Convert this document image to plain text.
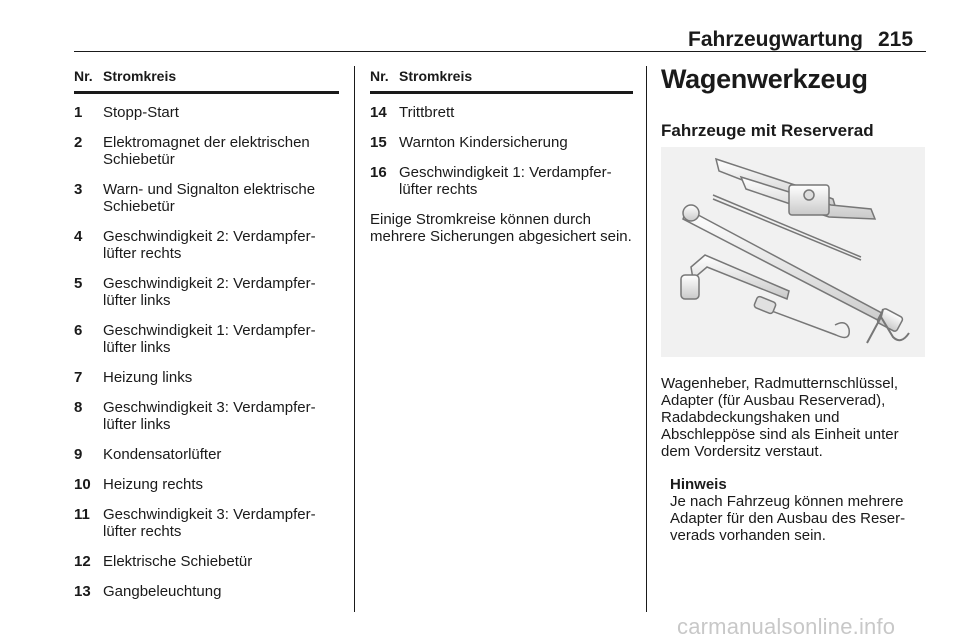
Fahrzeugwartung 215
Nr. Stromkreis
1	Stopp-Start
2	Elektromagnet der elektrischen Schiebetür
3	Warn- und Signalton elektrische Schiebetür
4	Geschwindigkeit 2: Verdampfer-lüfter rechts
5	Geschwindigkeit 2: Verdampfer-lüfter links
6	Geschwindigkeit 1: Verdampfer-lüfter links
7	Heizung links
8	Geschwindigkeit 3: Verdampfer-lüfter links
9	Kondensatorlüfter
10 Heizung rechts
11 Geschwindigkeit 3: Verdampfer-lüfter rechts
12 Elektrische Schiebetür
13 Gangbeleuchtung
Nr. Stromkreis
14 Trittbrett
15 Warnton Kindersicherung
16 Geschwindigkeit 1: Verdampfer-lüfter rechts
Einige Stromkreise können durch mehrere Sicherungen abgesichert sein.
Wagenwerkzeug
Fahrzeuge mit Reserverad
Wagenheber, Radmutternschlüssel, Adapter (für Ausbau Reserverad), Radabdeckungshaken und Abschleppöse sind als Einheit unter dem Vordersitz verstaut.
Hinweis
Je nach Fahrzeug können mehrere Adapter für den Ausbau des Reser-verads vorhanden sein.
carmanualsonline.info
